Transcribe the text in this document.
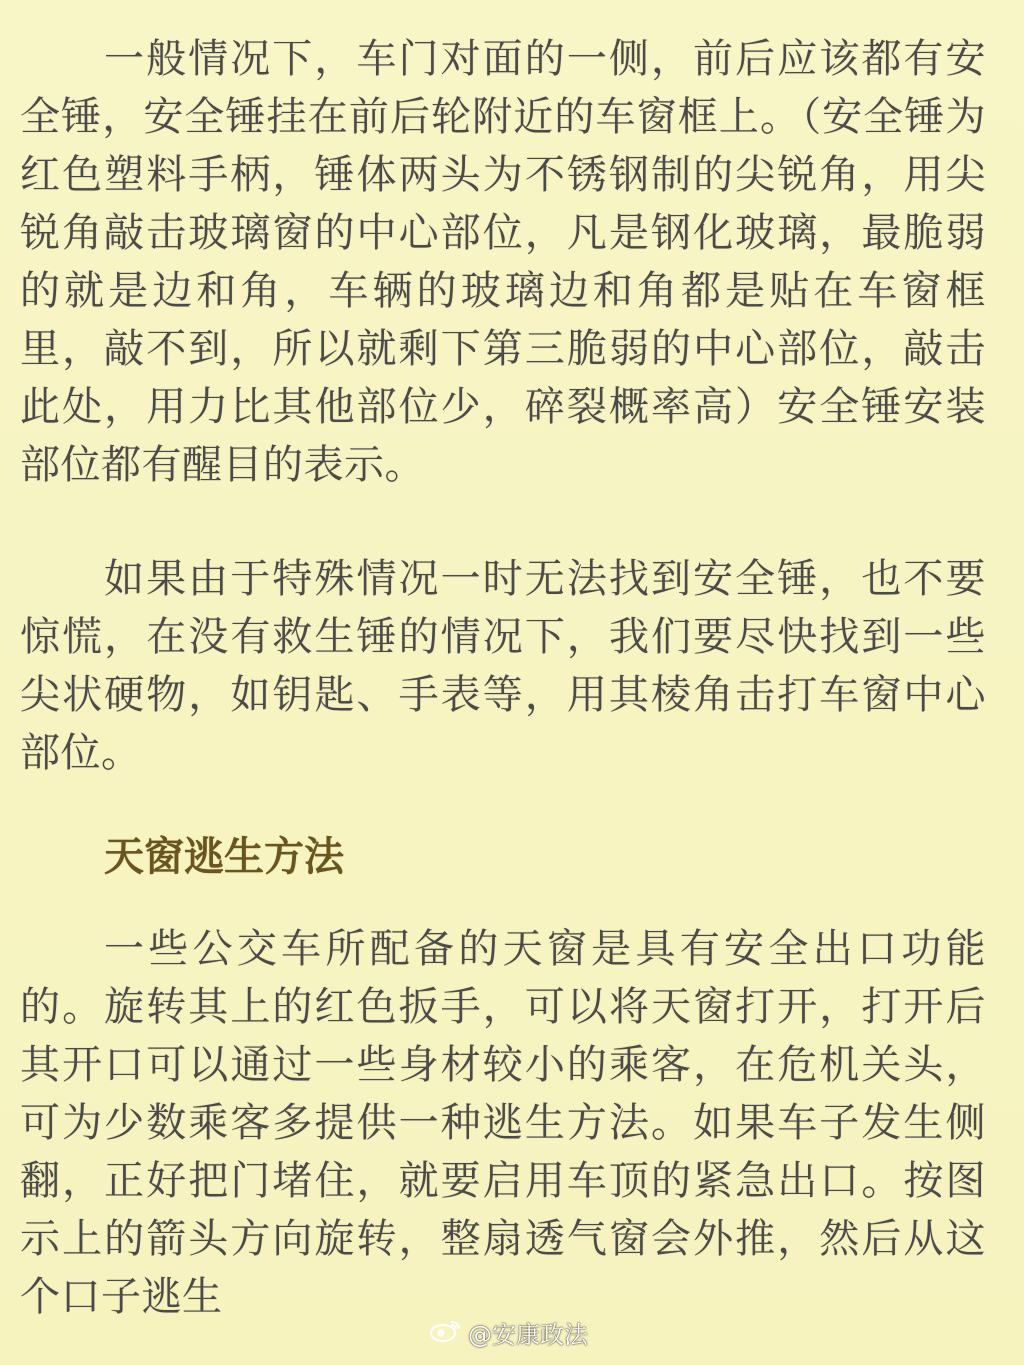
一般情况下，车门对面的一侧，前后应该都有安全锤，安全锤挂在前后轮附近的车窗框上。（安全锤为红色塑料手柄，锤体两头为不锈钢制的尖锐角，用尖锐角敲击玻璃窗的中心部位，凡是钢化玻璃，最脆弱的就是边和角，车辆的玻璃边和角都是贴在车窗框里，敲不到，所以就剩下第三脆弱的中心部位，敲击此处，用力比其他部位少，碎裂概率高）安全锤安装部位都有醒目的表示。

如果由于特殊情况一时无法找到安全锤，也不要惊慌，在没有救生锤的情况下，我们要尽快找到一些尖状硬物，如钥匙、手表等，用其棱角击打车窗中心部位。

天窗逃生方法

一些公交车所配备的天窗是具有安全出口功能的。旋转其上的红色扳手，可以将天窗打开，打开后其开口可以通过一些身材较小的乘客，在危机关头，可为少数乘客多提供一种逃生方法。如果车子发生侧翻，正好把门堵住，就要启用车顶的紧急出口。按图示上的箭头方向旋转，整扇透气窗会外推，然后从这个口子逃生

@安康政法
